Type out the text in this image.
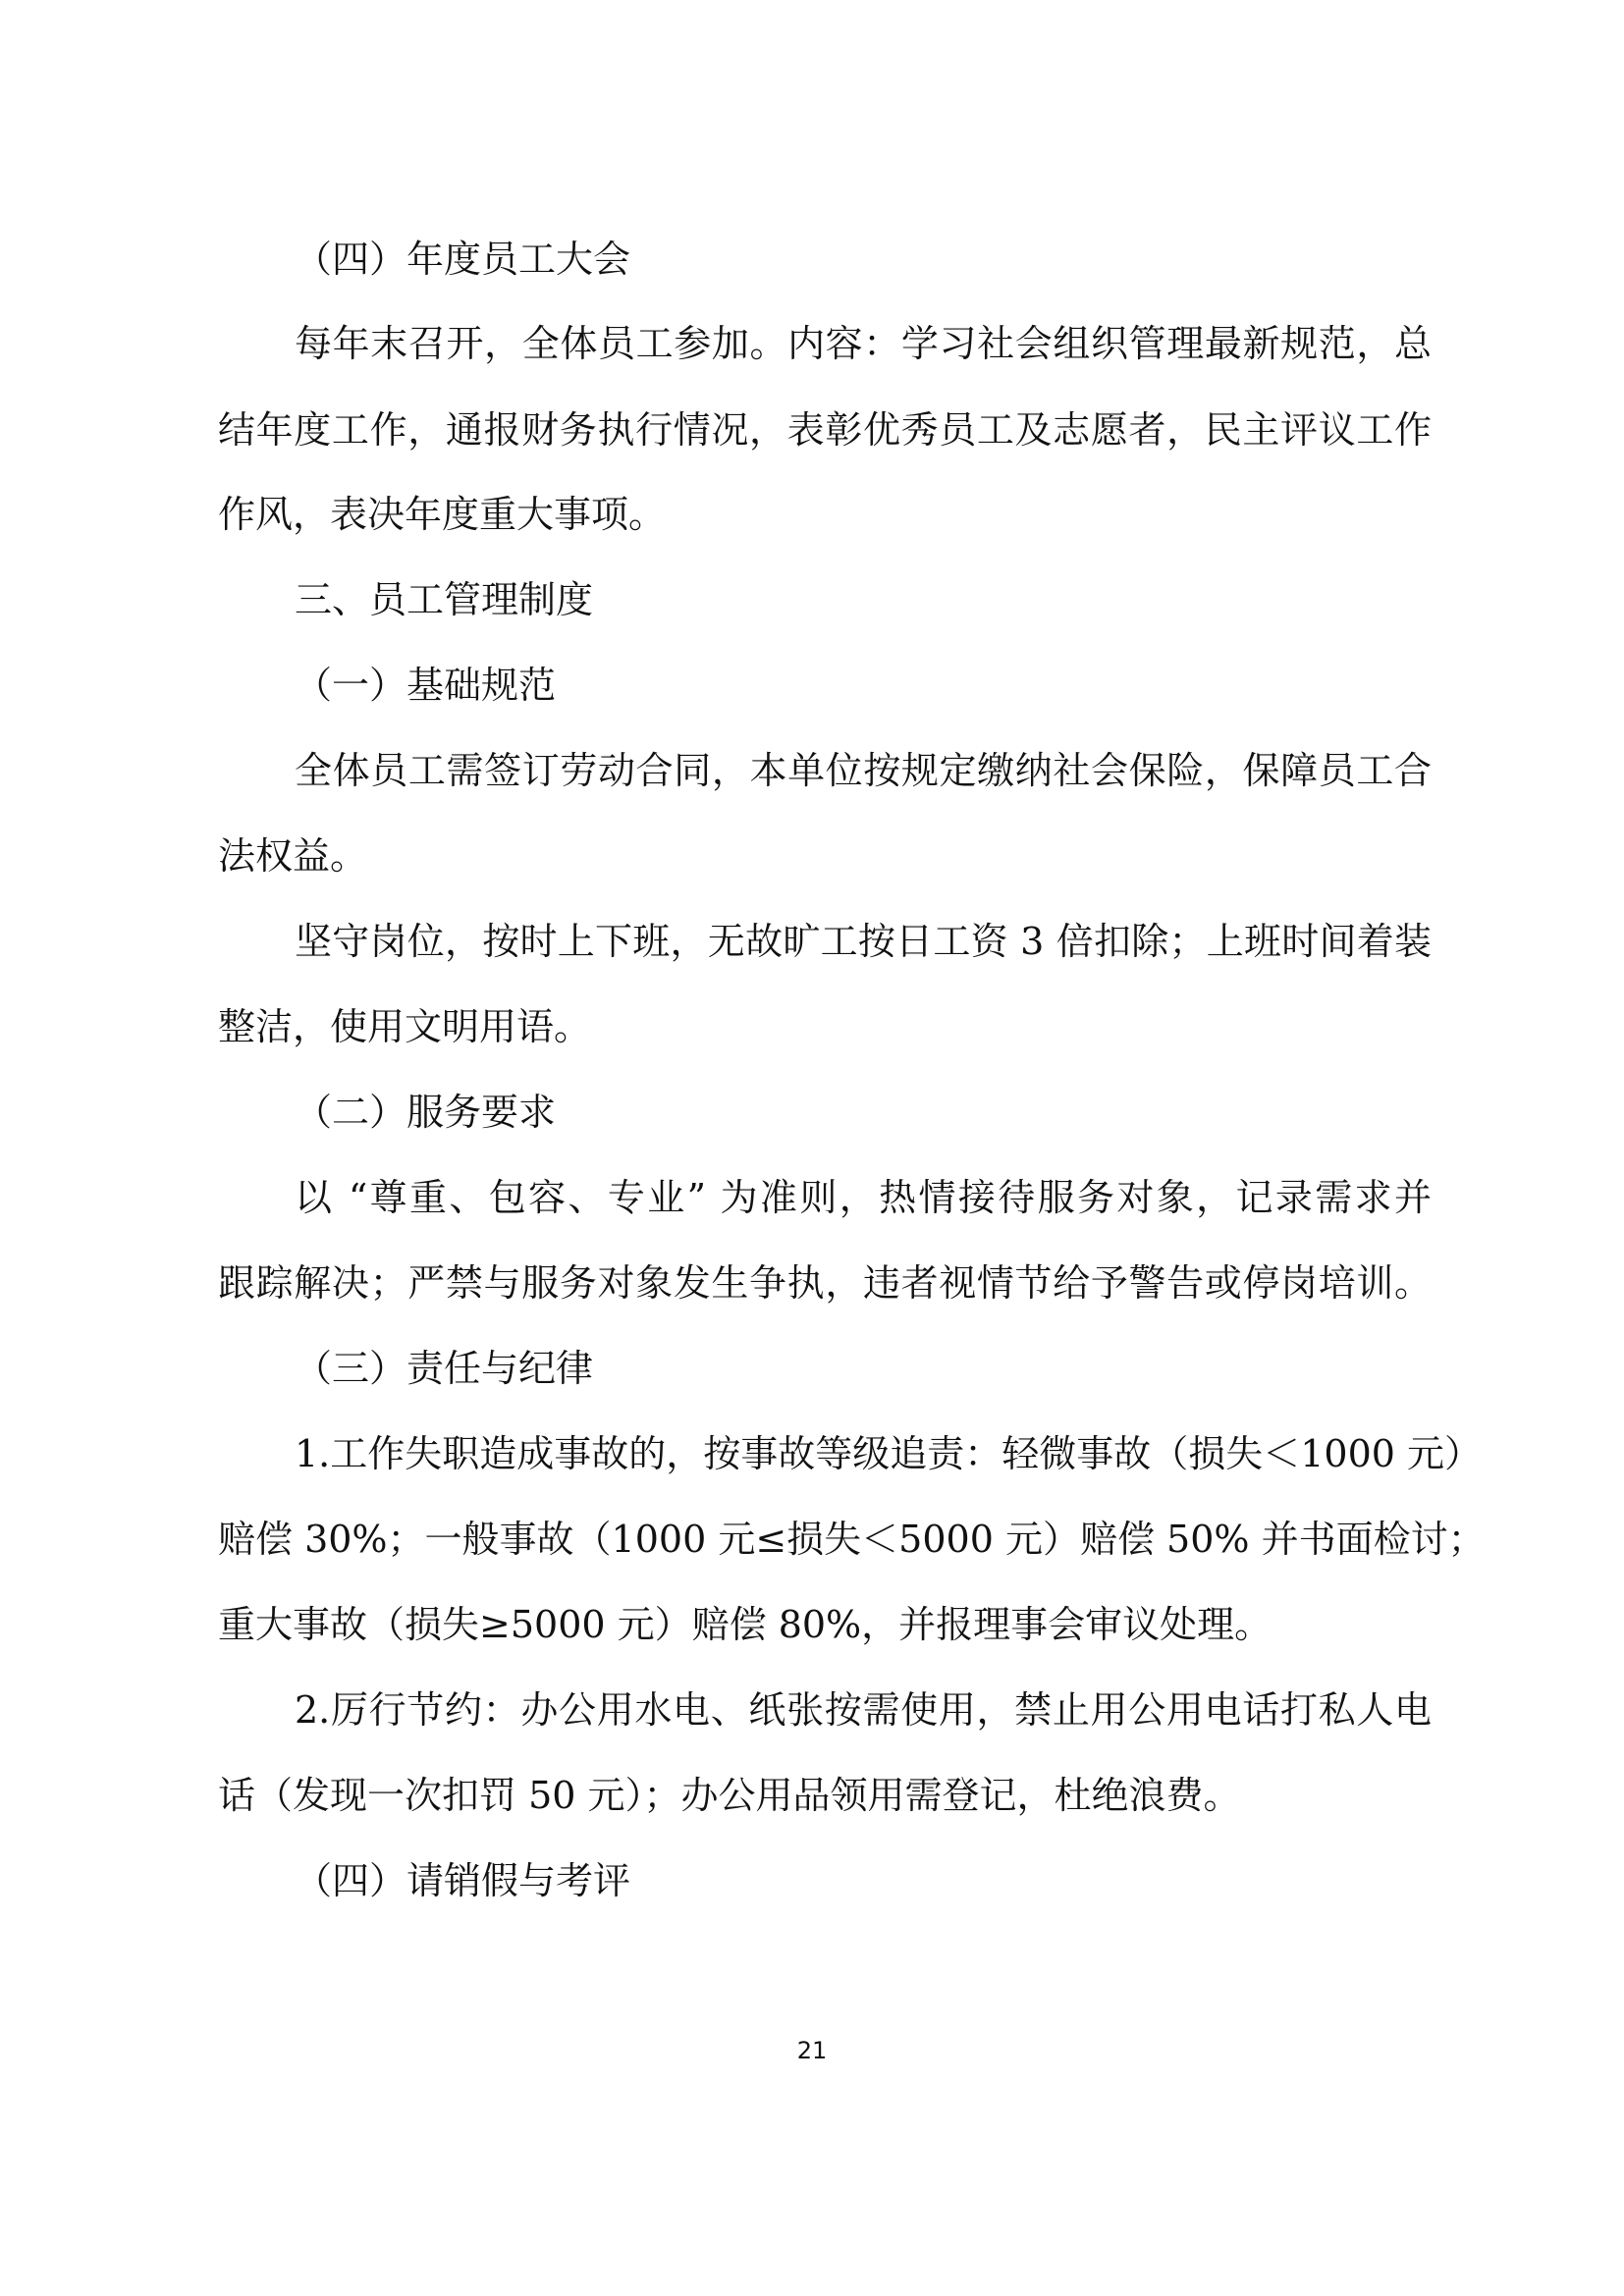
（四）年度员工大会
每年末召开，全体员工参加。内容：学习社会组织管理最新规范，总
结年度工作，通报财务执行情况，表彰优秀员工及志愿者，民主评议工作
作风，表决年度重大事项。
三、员工管理制度
（一）基础规范
全体员工需签订劳动合同，本单位按规定缴纳社会保险，保障员工合
法权益。
坚守岗位，按时上下班，无故旷工按日工资 3 倍扣除；上班时间着装
整洁，使用文明用语。
（二）服务要求
以 “尊重、包容、专业” 为准则，热情接待服务对象，记录需求并
跟踪解决；严禁与服务对象发生争执，违者视情节给予警告或停岗培训。
（三）责任与纪律
1.工作失职造成事故的，按事故等级追责：轻微事故（损失＜1000 元）
赔偿 30%；一般事故（1000 元≤损失＜5000 元）赔偿 50% 并书面检讨；
重大事故（损失≥5000 元）赔偿 80%，并报理事会审议处理。
2.厉行节约：办公用水电、纸张按需使用，禁止用公用电话打私人电
话（发现一次扣罚 50 元）；办公用品领用需登记，杜绝浪费。
（四）请销假与考评
21
